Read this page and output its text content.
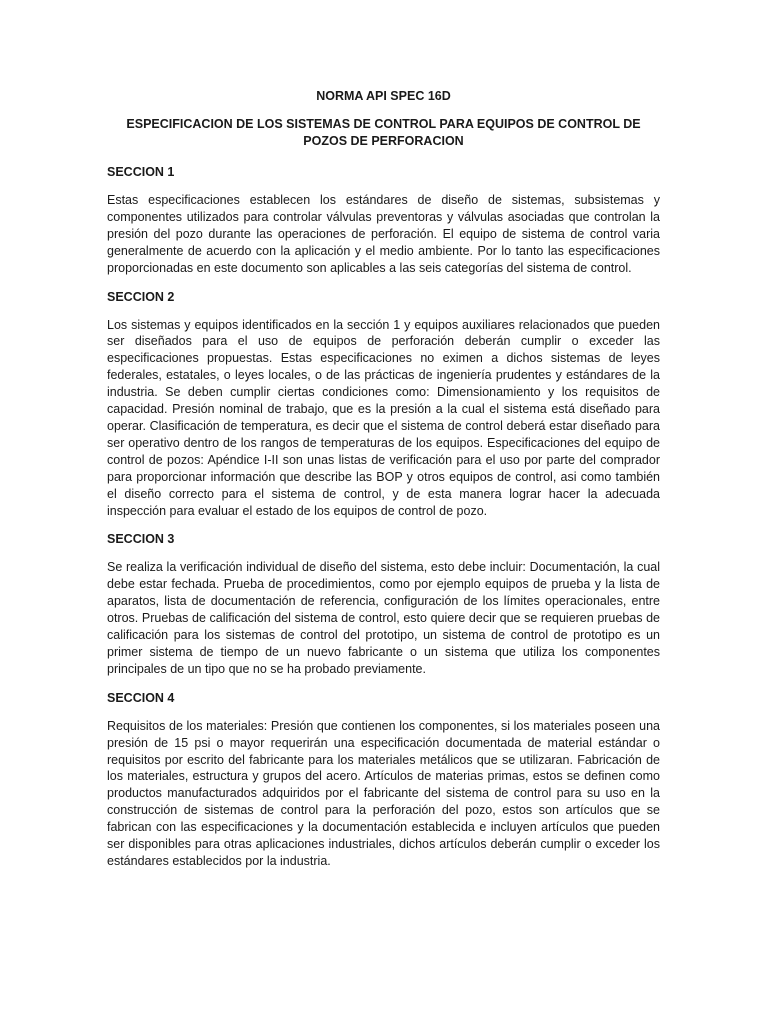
NORMA API SPEC 16D
ESPECIFICACION DE LOS SISTEMAS DE CONTROL PARA EQUIPOS DE CONTROL DE POZOS DE PERFORACION
SECCION 1

Estas especificaciones establecen los estándares de diseño de sistemas, subsistemas y componentes utilizados para controlar válvulas preventoras y válvulas asociadas que controlan la presión del pozo durante las operaciones de perforación. El equipo de sistema de control varia generalmente de acuerdo con la aplicación y el medio ambiente. Por lo tanto las especificaciones proporcionadas en este documento son aplicables a las seis categorías del sistema de control.

SECCION 2

Los sistemas y equipos identificados en la sección 1 y equipos auxiliares relacionados que pueden ser diseñados para el uso de equipos de perforación deberán cumplir o exceder las especificaciones propuestas. Estas especificaciones no eximen a dichos sistemas de leyes federales, estatales, o leyes locales, o de las prácticas de ingeniería prudentes y estándares de la industria. Se deben cumplir ciertas condiciones como: Dimensionamiento y los requisitos de capacidad. Presión nominal de trabajo, que es la presión a la cual el sistema está diseñado para operar. Clasificación de temperatura, es decir que el sistema de control deberá estar diseñado para ser operativo dentro de los rangos de temperaturas de los equipos. Especificaciones del equipo de control de pozos: Apéndice I-II son unas listas de verificación para el uso por parte del comprador para proporcionar información que describe las BOP y otros equipos de control, asi como también el diseño correcto para el sistema de control, y de esta manera lograr hacer la adecuada inspección para evaluar el estado de los equipos de control de pozo.

SECCION 3

Se realiza la verificación individual de diseño del sistema, esto debe incluir: Documentación, la cual debe estar fechada. Prueba de procedimientos, como por ejemplo equipos de prueba y la lista de aparatos, lista de documentación de referencia, configuración de los límites operacionales, entre otros. Pruebas de calificación del sistema de control, esto quiere decir que se requieren pruebas de calificación para los sistemas de control del prototipo, un sistema de control de prototipo es un primer sistema de tiempo de un nuevo fabricante o un sistema que utiliza los componentes principales de un tipo que no se ha probado previamente.

SECCION 4

Requisitos de los materiales: Presión que contienen los componentes, si los materiales poseen una presión de 15 psi o mayor requerirán una especificación documentada de material estándar o requisitos por escrito del fabricante para los materiales metálicos que se utilizaran. Fabricación de los materiales, estructura y grupos del acero. Artículos de materias primas, estos se definen como productos manufacturados adquiridos por el fabricante del sistema de control para su uso en la construcción de sistemas de control para la perforación del pozo, estos son artículos que se fabrican con las especificaciones y la documentación establecida e incluyen artículos que pueden ser disponibles para otras aplicaciones industriales, dichos artículos deberán cumplir o exceder los estándares establecidos por la industria.
